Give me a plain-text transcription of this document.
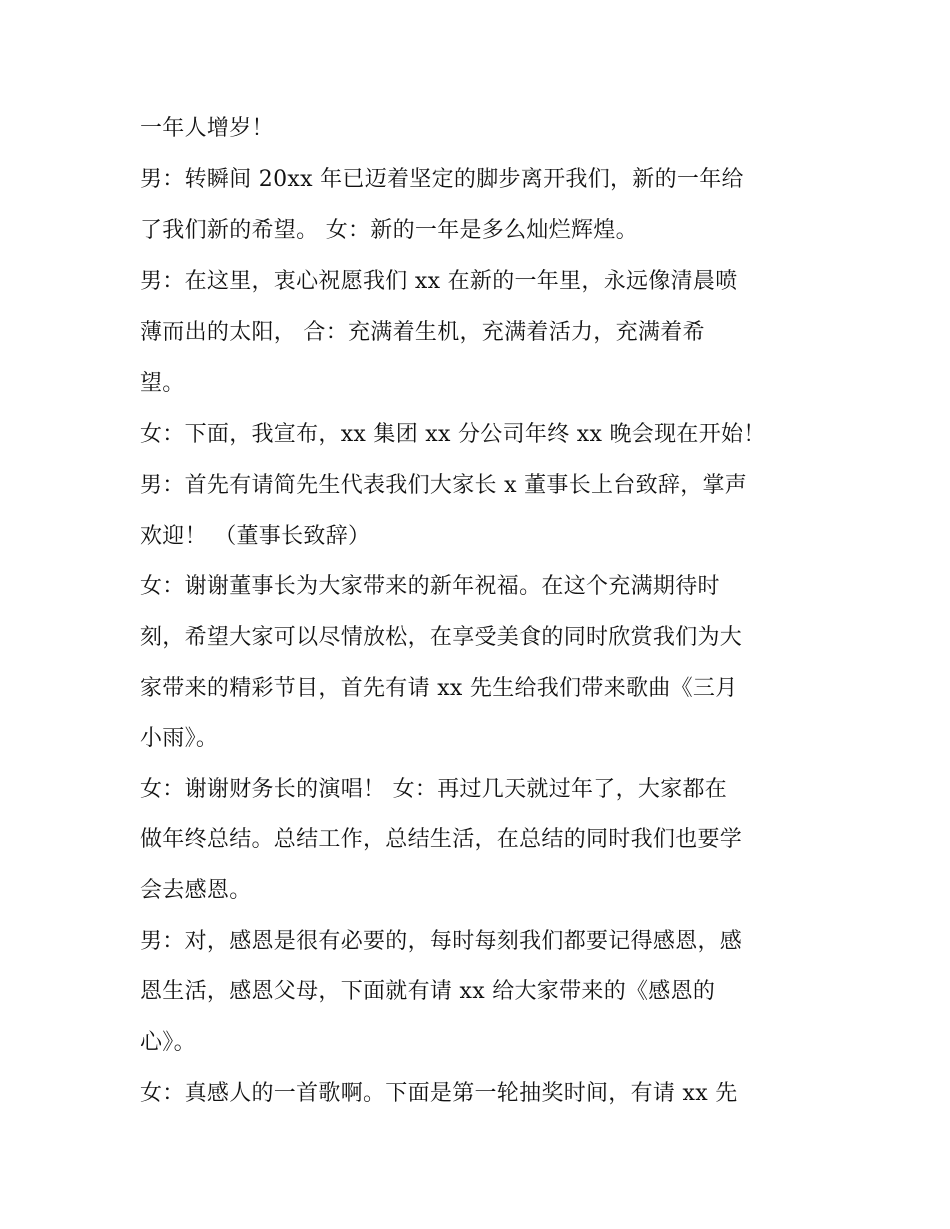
一年人增岁！
男：转瞬间 20xx 年已迈着坚定的脚步离开我们，新的一年给
了我们新的希望。 女：新的一年是多么灿烂辉煌。
男：在这里，衷心祝愿我们 xx 在新的一年里，永远像清晨喷
薄而出的太阳， 合：充满着生机，充满着活力，充满着希
望。
女：下面，我宣布，xx 集团 xx 分公司年终 xx 晚会现在开始！
男：首先有请简先生代表我们大家长 x 董事长上台致辞，掌声
欢迎！ （董事长致辞）
女：谢谢董事长为大家带来的新年祝福。在这个充满期待时
刻，希望大家可以尽情放松，在享受美食的同时欣赏我们为大
家带来的精彩节目，首先有请 xx 先生给我们带来歌曲《三月
小雨》。
女：谢谢财务长的演唱！ 女：再过几天就过年了，大家都在
做年终总结。总结工作，总结生活，在总结的同时我们也要学
会去感恩。
男：对，感恩是很有必要的，每时每刻我们都要记得感恩，感
恩生活，感恩父母，下面就有请 xx 给大家带来的《感恩的
心》。
女：真感人的一首歌啊。下面是第一轮抽奖时间，有请 xx 先
